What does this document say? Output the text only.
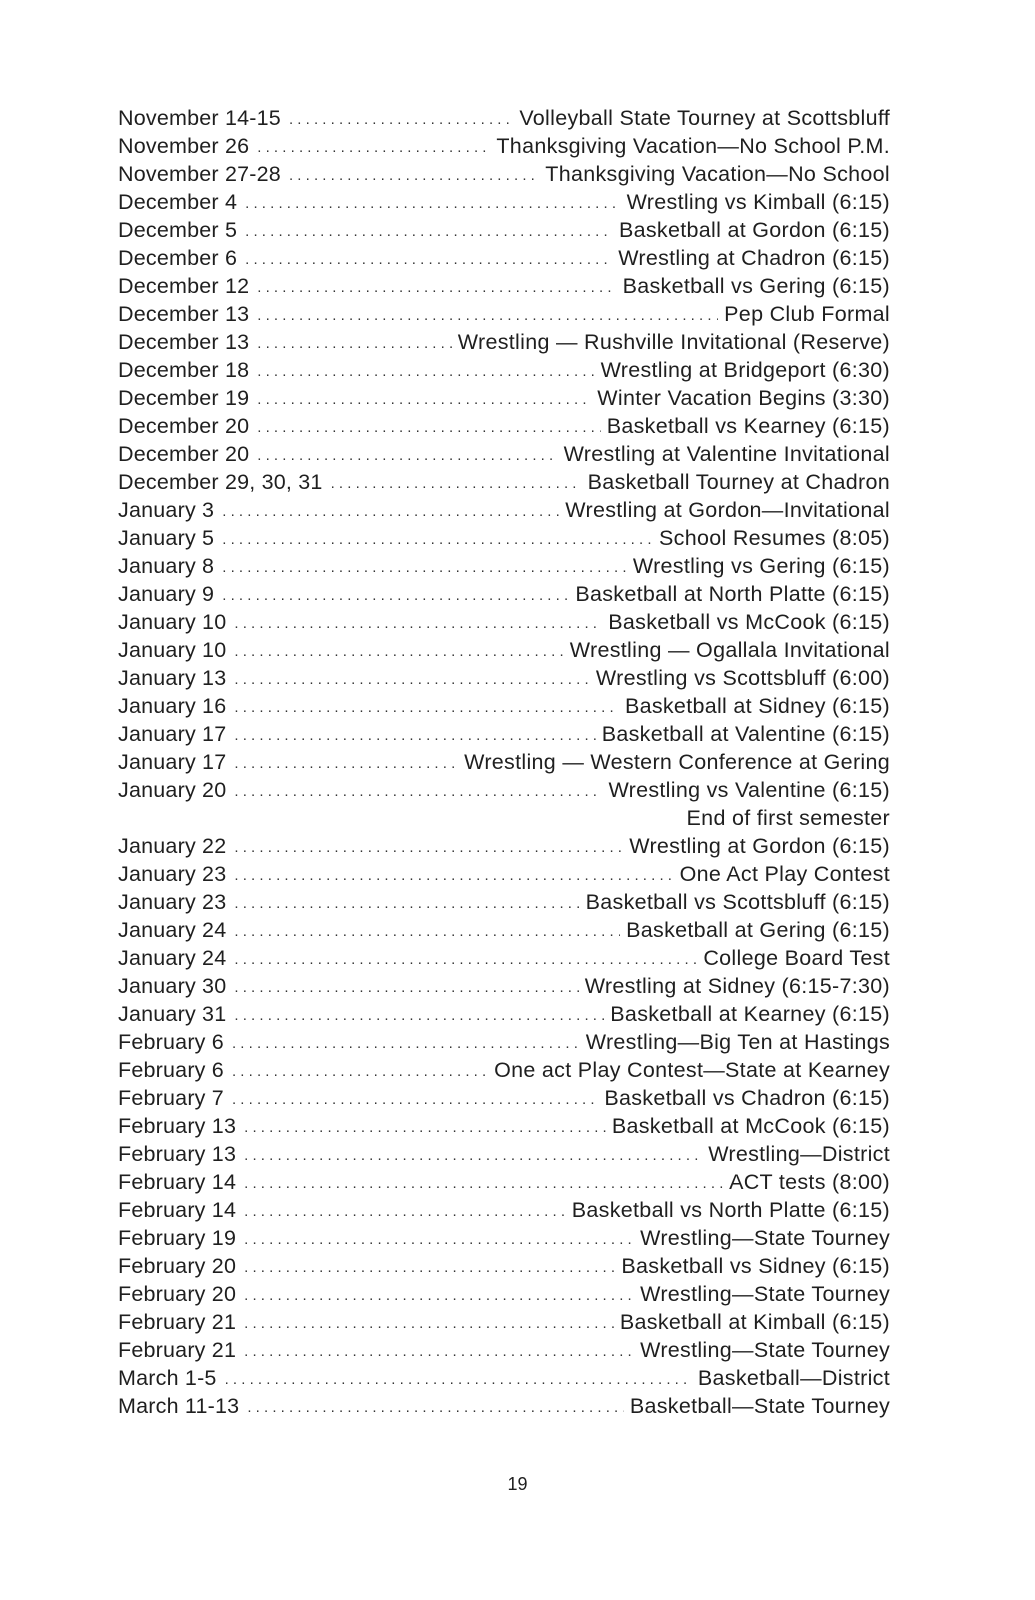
November 14-15 . . .	Volleyball State Tourney at Scottsbluff
November 26 . . .	Thanksgiving Vacation—No School P.M.
November 27-28 . . .	Thanksgiving Vacation—No School
December 4 . . .	Wrestling vs Kimball (6:15)
December 5 . . .	Basketball at Gordon (6:15)
December 6 . . .	Wrestling at Chadron (6:15)
December 12 . . .	Basketball vs Gering (6:15)
December 13 . . .	Pep Club Formal
December 13 . . .	Wrestling — Rushville Invitational (Reserve)
December 18 . . .	Wrestling at Bridgeport (6:30)
December 19 . . .	Winter Vacation Begins (3:30)
December 20 . . .	Basketball vs Kearney (6:15)
December 20 . . .	Wrestling at Valentine Invitational
December 29, 30, 31 . . .	Basketball Tourney at Chadron
January 3 . . .	Wrestling at Gordon—Invitational
January 5 . . .	School Resumes (8:05)
January 8 . . .	Wrestling vs Gering (6:15)
January 9 . . .	Basketball at North Platte (6:15)
January 10 . . .	Basketball vs McCook (6:15)
January 10 . . .	Wrestling — Ogallala Invitational
January 13 . . .	Wrestling vs Scottsbluff (6:00)
January 16 . . .	Basketball at Sidney (6:15)
January 17 . . .	Basketball at Valentine (6:15)
January 17 . . .	Wrestling — Western Conference at Gering
January 20 . . .	Wrestling vs Valentine (6:15)
End of first semester
January 22 . . .	Wrestling at Gordon (6:15)
January 23 . . .	One Act Play Contest
January 23 . . .	Basketball vs Scottsbluff (6:15)
January 24 . . .	Basketball at Gering (6:15)
January 24 . . .	College Board Test
January 30 . . .	Wrestling at Sidney (6:15-7:30)
January 31 . . .	Basketball at Kearney (6:15)
February 6 . . .	Wrestling—Big Ten at Hastings
February 6 . . .	One act Play Contest—State at Kearney
February 7 . . .	Basketball vs Chadron (6:15)
February 13 . . .	Basketball at McCook (6:15)
February 13 . . .	Wrestling—District
February 14 . . .	ACT tests (8:00)
February 14 . . .	Basketball vs North Platte (6:15)
February 19 . . .	Wrestling—State Tourney
February 20 . . .	Basketball vs Sidney (6:15)
February 20 . . .	Wrestling—State Tourney
February 21 . . .	Basketball at Kimball (6:15)
February 21 . . .	Wrestling—State Tourney
March 1-5 . . .	Basketball—District
March 11-13 . . .	Basketball—State Tourney
19
